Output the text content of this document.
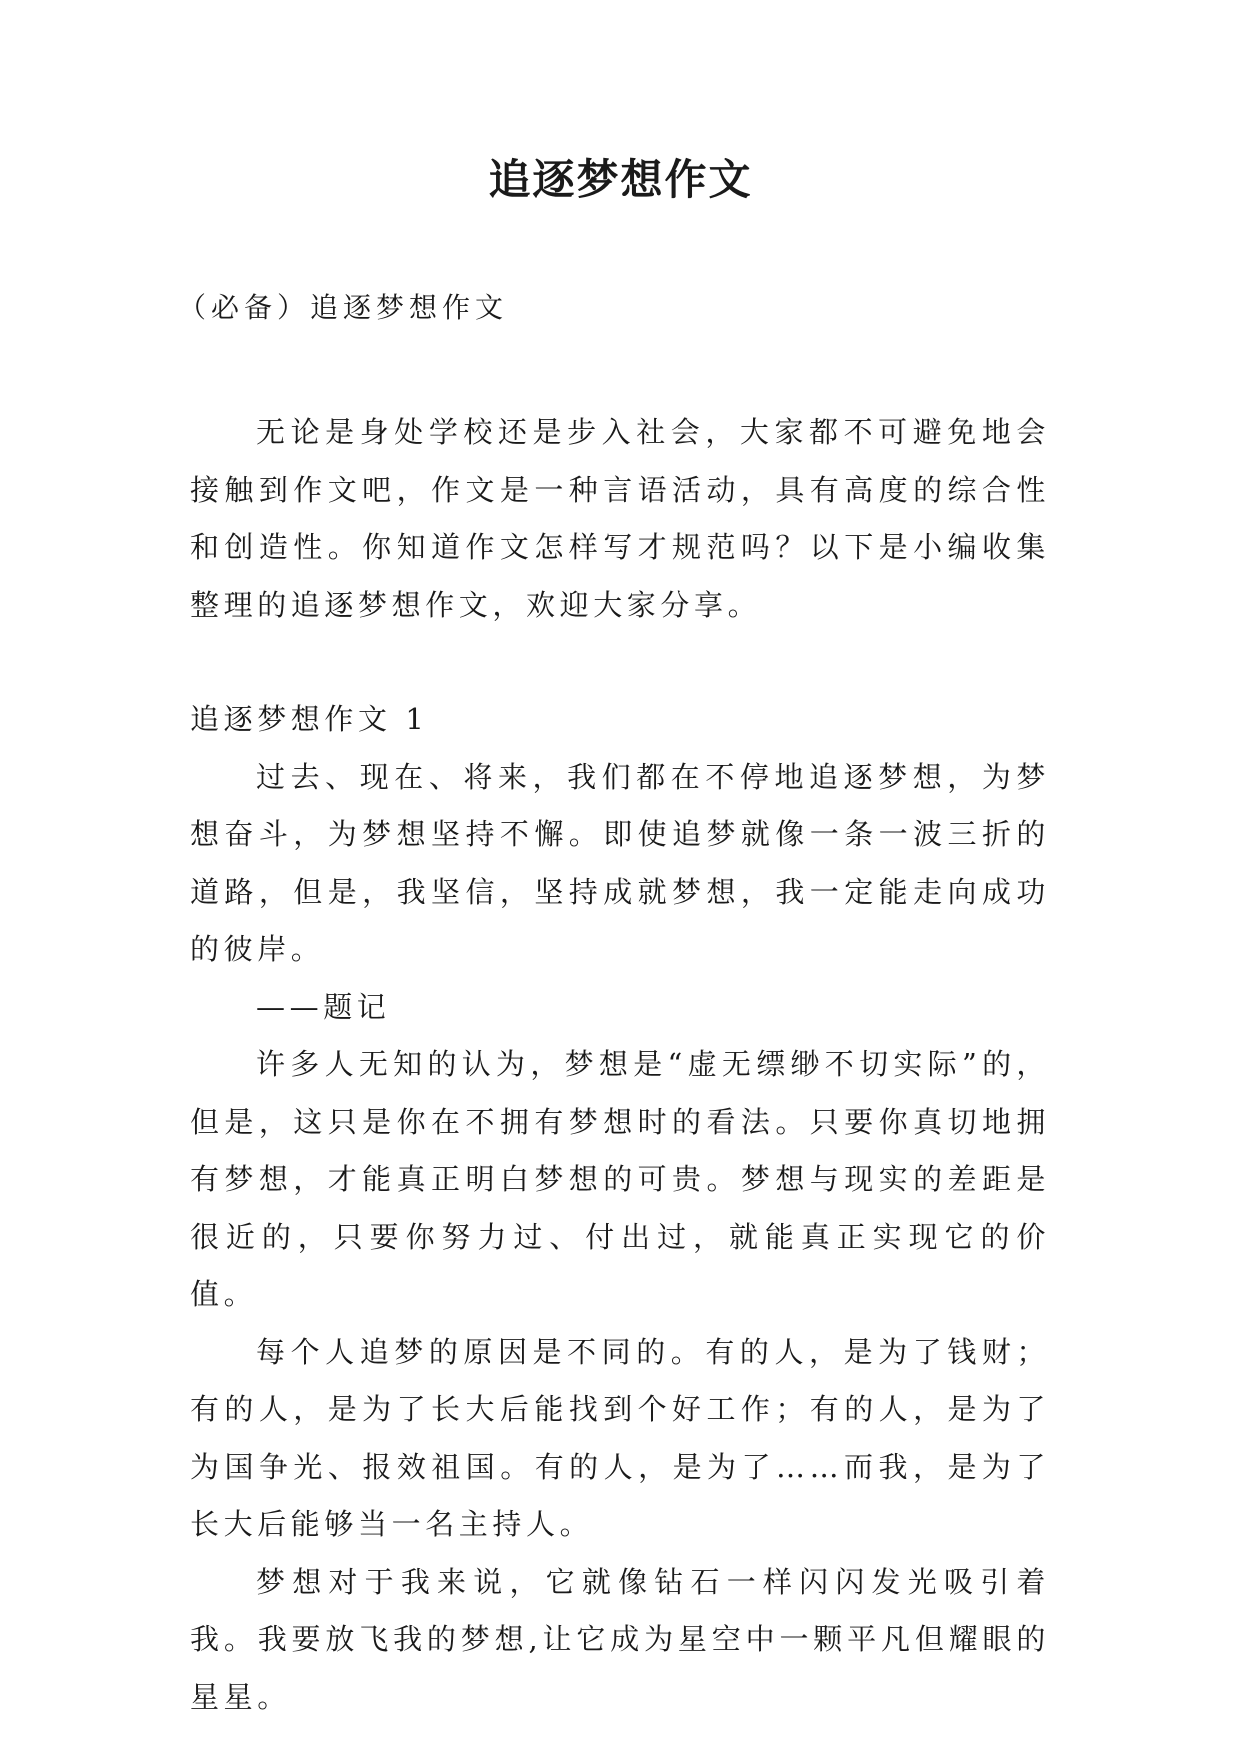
追逐梦想作文

（必备）追逐梦想作文

无论是身处学校还是步入社会，大家都不可避免地会接触到作文吧，作文是一种言语活动，具有高度的综合性和创造性。你知道作文怎样写才规范吗？以下是小编收集整理的追逐梦想作文，欢迎大家分享。

追逐梦想作文 1

过去、现在、将来，我们都在不停地追逐梦想，为梦想奋斗，为梦想坚持不懈。即使追梦就像一条一波三折的道路，但是，我坚信，坚持成就梦想，我一定能走向成功的彼岸。

——题记

许多人无知的认为，梦想是“虚无缥缈不切实际”的，但是，这只是你在不拥有梦想时的看法。只要你真切地拥有梦想，才能真正明白梦想的可贵。梦想与现实的差距是很近的，只要你努力过、付出过，就能真正实现它的价值。

每个人追梦的原因是不同的。有的人，是为了钱财；有的人，是为了长大后能找到个好工作；有的人，是为了为国争光、报效祖国。有的人，是为了……而我，是为了长大后能够当一名主持人。

梦想对于我来说，它就像钻石一样闪闪发光吸引着我。我要放飞我的梦想,让它成为星空中一颗平凡但耀眼的星星。
